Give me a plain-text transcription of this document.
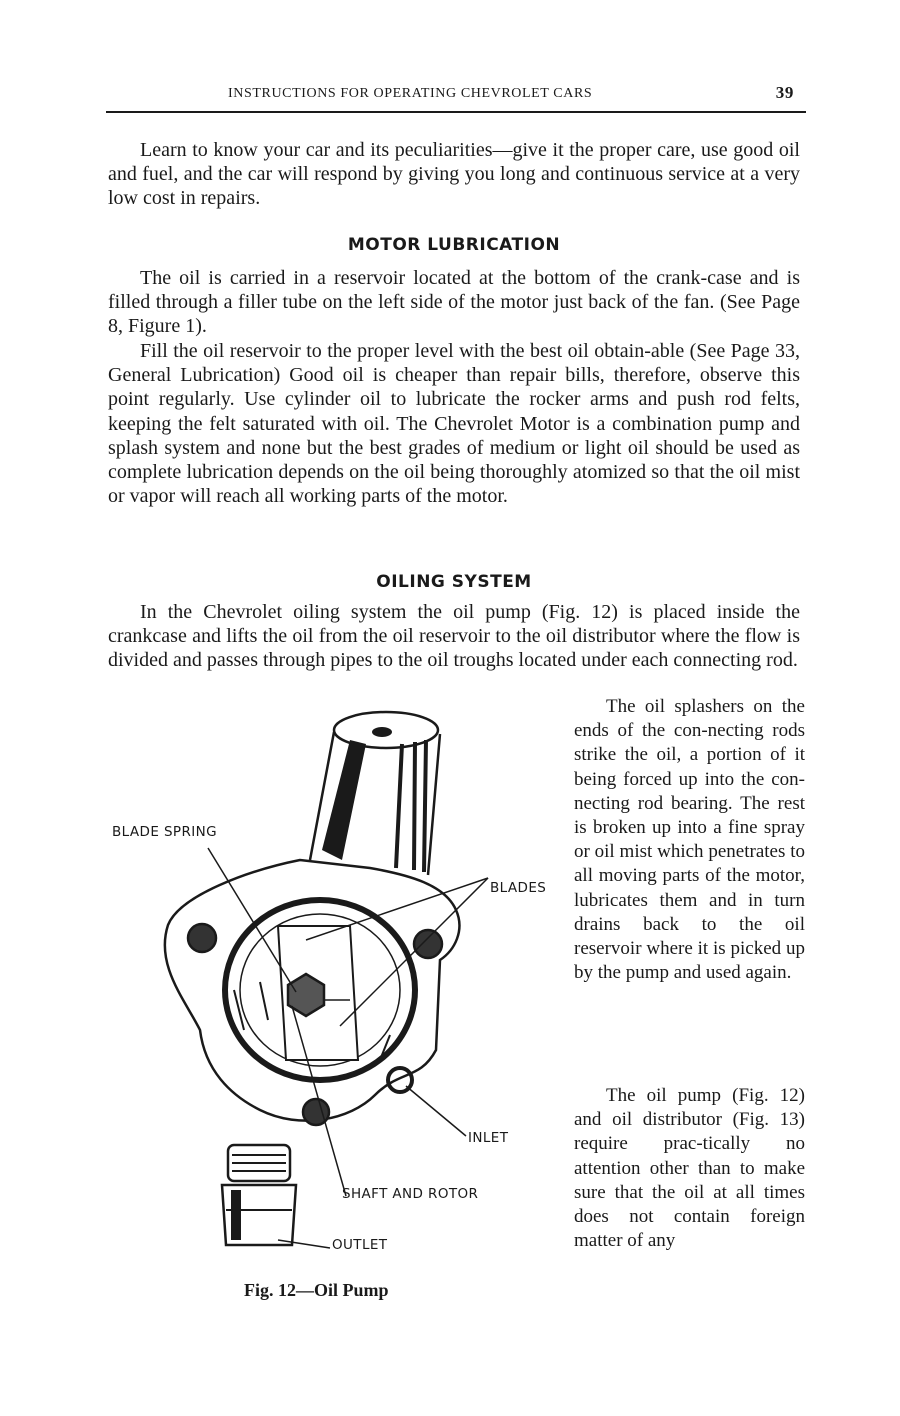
INSTRUCTIONS FOR OPERATING CHEVROLET CARS	39

Learn to know your car and its peculiarities—give it the proper care, use good oil and fuel, and the car will respond by giving you long and continuous service at a very low cost in repairs.

MOTOR LUBRICATION

The oil is carried in a reservoir located at the bottom of the crank-case and is filled through a filler tube on the left side of the motor just back of the fan. (See Page 8, Figure 1).

Fill the oil reservoir to the proper level with the best oil obtain-able (See Page 33, General Lubrication) Good oil is cheaper than repair bills, therefore, observe this point regularly. Use cylinder oil to lubricate the rocker arms and push rod felts, keeping the felt saturated with oil. The Chevrolet Motor is a combination pump and splash system and none but the best grades of medium or light oil should be used as complete lubrication depends on the oil being thoroughly atomized so that the oil mist or vapor will reach all working parts of the motor.

OILING SYSTEM

In the Chevrolet oiling system the oil pump (Fig. 12) is placed inside the crankcase and lifts the oil from the oil reservoir to the oil distributor where the flow is divided and passes through pipes to the oil troughs located under each connecting rod.

The oil splashers on the ends of the con-necting rods strike the oil, a portion of it being forced up into the con-necting rod bearing. The rest is broken up into a fine spray or oil mist which penetrates to all moving parts of the motor, lubricates them and in turn drains back to the oil reservoir where it is picked up by the pump and used again.

The oil pump (Fig. 12) and oil distributor (Fig. 13) require prac-tically no attention other than to make sure that the oil at all times does not contain foreign matter of any

BLADE SPRING
BLADES
INLET
SHAFT AND ROTOR
OUTLET
Fig. 12—Oil Pump
